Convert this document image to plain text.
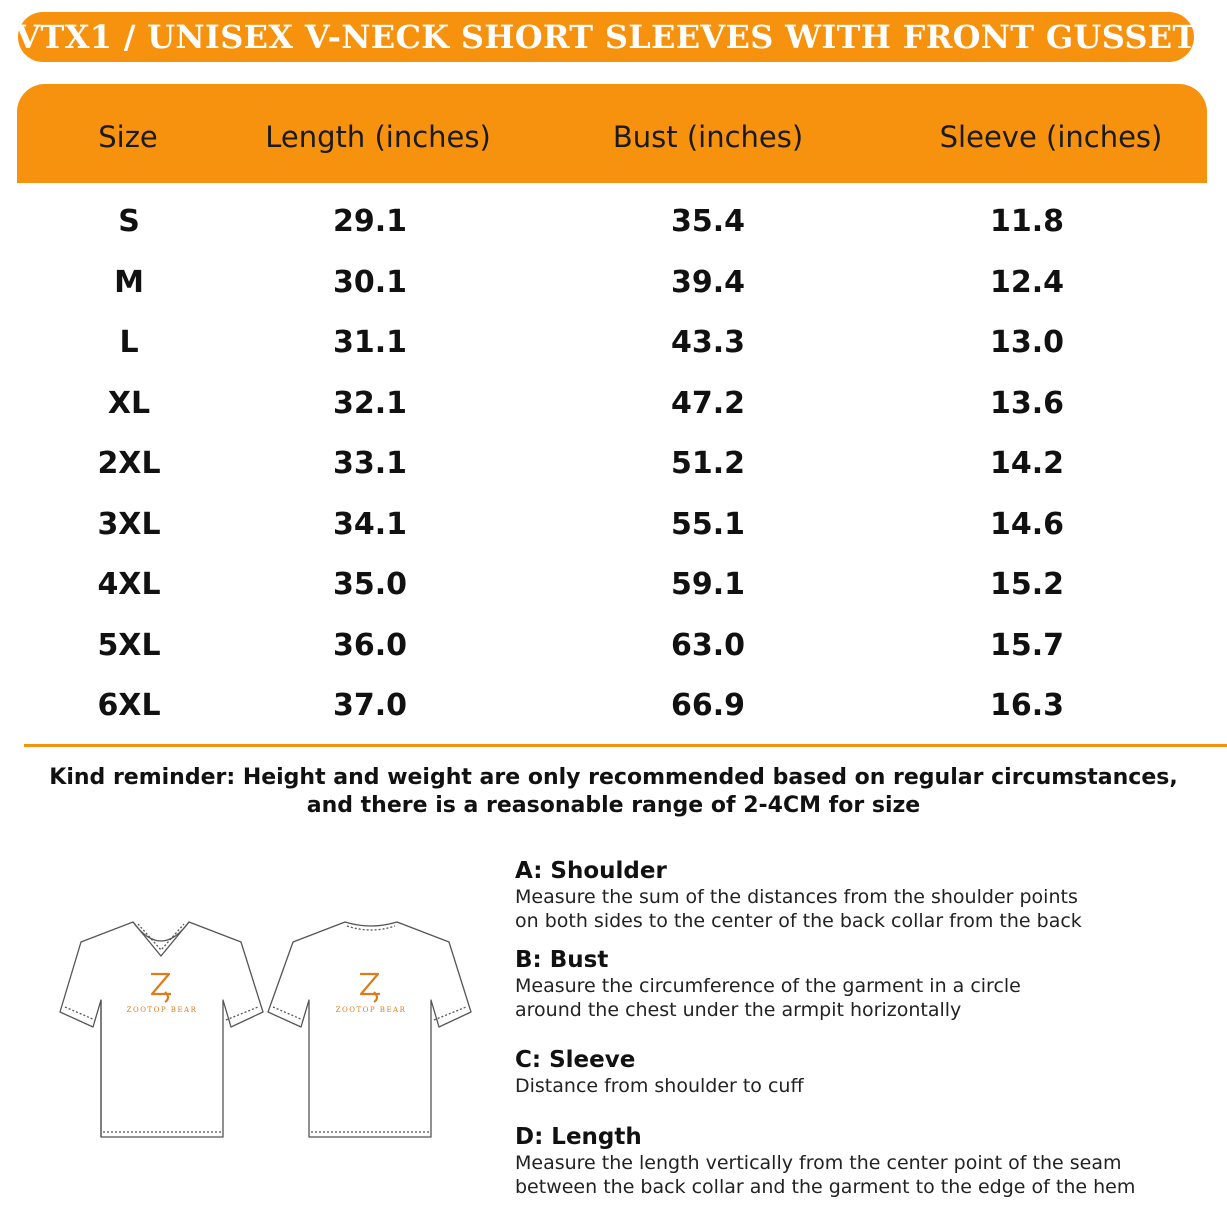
VTX1 / UNISEX V-NECK SHORT SLEEVES WITH FRONT GUSSET
Size	Length (inches)	Bust (inches)	Sleeve (inches)
S	29.1	35.4	11.8
M	30.1	39.4	12.4
L	31.1	43.3	13.0
XL	32.1	47.2	13.6
2XL	33.1	51.2	14.2
3XL	34.1	55.1	14.6
4XL	35.0	59.1	15.2
5XL	36.0	63.0	15.7
6XL	37.0	66.9	16.3
Kind reminder: Height and weight are only recommended based on regular circumstances,
and there is a reasonable range of 2-4CM for size
ZOOTOP BEAR	ZOOTOP BEAR
A: Shoulder
Measure the sum of the distances from the shoulder points
on both sides to the center of the back collar from the back
B: Bust
Measure the circumference of the garment in a circle
around the chest under the armpit horizontally
C: Sleeve
Distance from shoulder to cuff
D: Length
Measure the length vertically from the center point of the seam
between the back collar and the garment to the edge of the hem
